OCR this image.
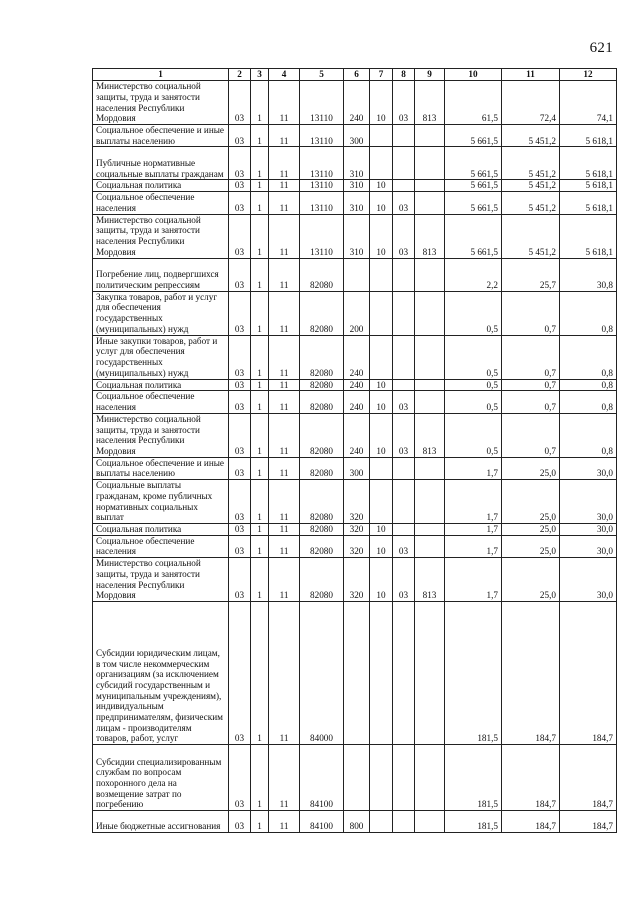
621
1	2	3	4	5	6	7	8	9	10	11	12
Министерство социальной защиты, труда и занятости населения Республики Мордовия	03	1	11	13110	240	10	03	813	61,5	72,4	74,1
Социальное обеспечение и иные выплаты населению	03	1	11	13110	300				5 661,5	5 451,2	5 618,1
Публичные нормативные социальные выплаты гражданам	03	1	11	13110	310				5 661,5	5 451,2	5 618,1
Социальная политика	03	1	11	13110	310	10			5 661,5	5 451,2	5 618,1
Социальное обеспечение населения	03	1	11	13110	310	10	03		5 661,5	5 451,2	5 618,1
Министерство социальной защиты, труда и занятости населения Республики Мордовия	03	1	11	13110	310	10	03	813	5 661,5	5 451,2	5 618,1
Погребение лиц, подвергшихся политическим репрессиям	03	1	11	82080					2,2	25,7	30,8
Закупка товаров, работ и услуг для обеспечения государственных (муниципальных) нужд	03	1	11	82080	200				0,5	0,7	0,8
Иные закупки товаров, работ и услуг для обеспечения государственных (муниципальных) нужд	03	1	11	82080	240				0,5	0,7	0,8
Социальная политика	03	1	11	82080	240	10			0,5	0,7	0,8
Социальное обеспечение населения	03	1	11	82080	240	10	03		0,5	0,7	0,8
Министерство социальной защиты, труда и занятости населения Республики Мордовия	03	1	11	82080	240	10	03	813	0,5	0,7	0,8
Социальное обеспечение и иные выплаты населению	03	1	11	82080	300				1,7	25,0	30,0
Социальные выплаты гражданам, кроме публичных нормативных социальных выплат	03	1	11	82080	320				1,7	25,0	30,0
Социальная политика	03	1	11	82080	320	10			1,7	25,0	30,0
Социальное обеспечение населения	03	1	11	82080	320	10	03		1,7	25,0	30,0
Министерство социальной защиты, труда и занятости населения Республики Мордовия	03	1	11	82080	320	10	03	813	1,7	25,0	30,0
Субсидии юридическим лицам, в том числе некоммерческим организациям (за исключением субсидий государственным и муниципальным учреждениям), индивидуальным предпринимателям, физическим лицам - производителям товаров, работ, услуг	03	1	11	84000					181,5	184,7	184,7
Субсидии специализированным службам по вопросам похоронного дела на возмещение затрат по погребению	03	1	11	84100					181,5	184,7	184,7
Иные бюджетные ассигнования	03	1	11	84100	800				181,5	184,7	184,7
